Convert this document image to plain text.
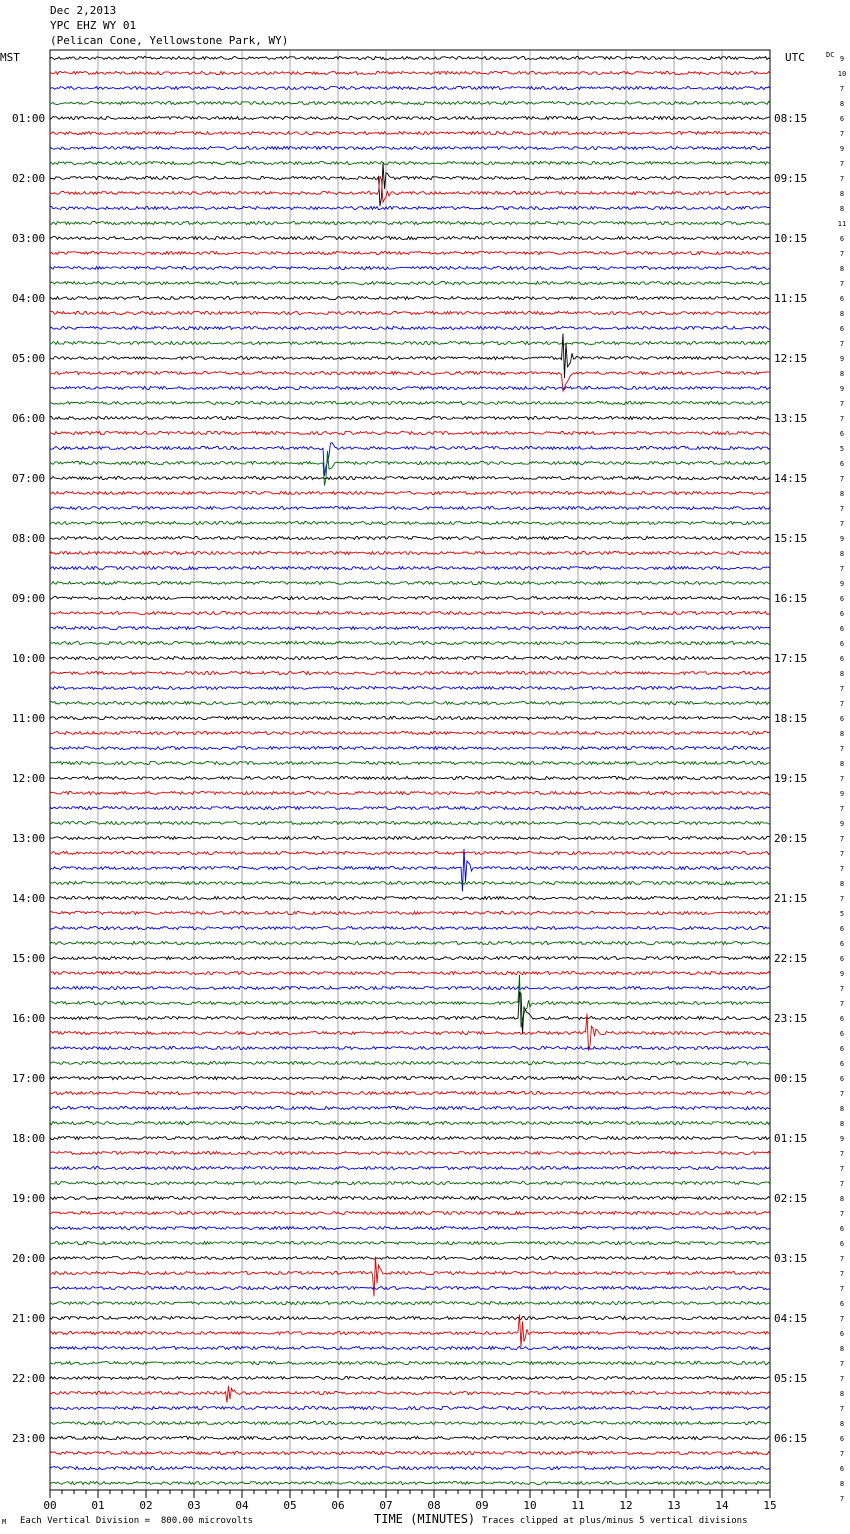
Dec 2,2013
YPC EHZ WY 01
(Pelican Cone, Yellowstone Park, WY)
00	01	02	03	04	05	06	07	08	09	10	11	12	13	14	15
MST	UTC	DC
01:00
02:00
03:00
04:00
05:00
06:00
07:00
08:00
09:00
10:00
11:00
12:00
13:00
14:00
15:00
16:00
17:00
18:00
19:00
20:00
21:00
22:00
23:00
08:15
09:15
10:15
11:15
12:15
13:15
14:15
15:15
16:15
17:15
18:15
19:15
20:15
21:15
22:15
23:15
00:15
01:15
02:15
03:15
04:15
05:15
06:15
9
10
7
8
6
7
9
7
7
8
8
11
6
7
8
7
6
8
6
7
9
8
9
7
7
6
5
6
7
8
7
7
9
8
7
9
6
6
6
6
6
8
7
7
6
8
7
8
7
9
7
9
7
7
7
8
7
5
6
6
6
9
7
7
6
6
6
6
6
7
8
8
9
7
7
7
8
7
6
6
7
7
7
6
7
6
8
7
7
8
7
8
6
7
6
8
7
M Each Vertical Division =  800.00 microvolts	TIME (MINUTES) Traces clipped at plus/minus 5 vertical divisions
